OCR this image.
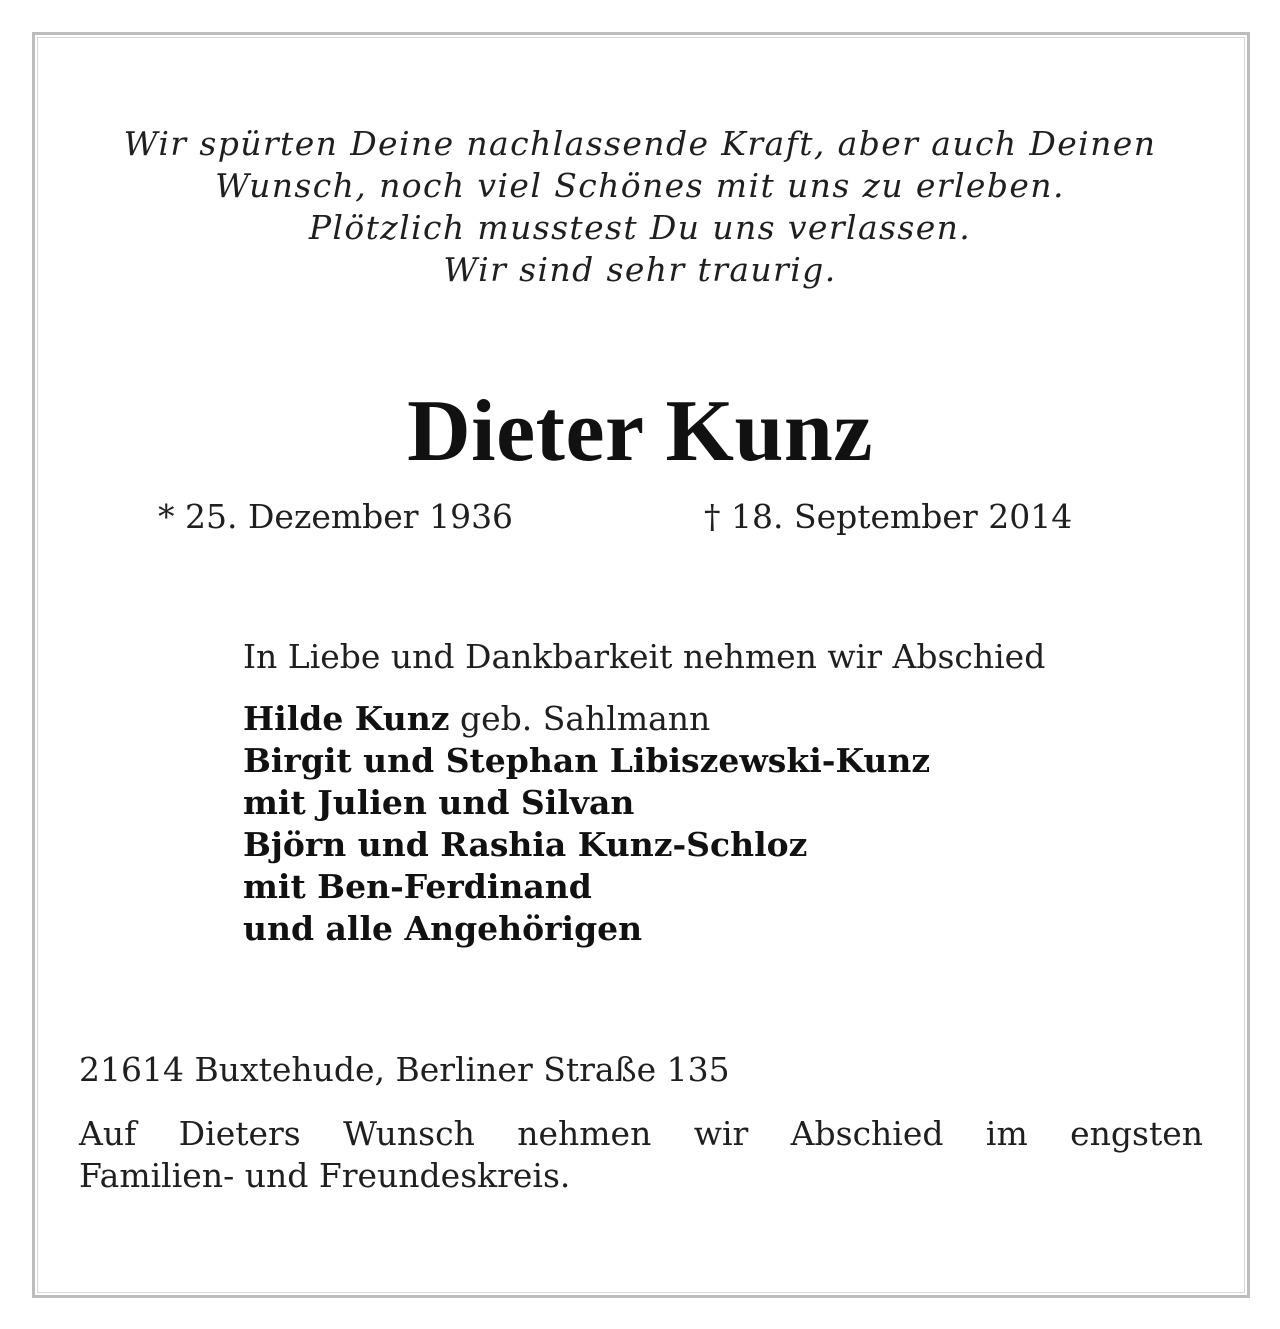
Wir spürten Deine nachlassende Kraft, aber auch Deinen
Wunsch, noch viel Schönes mit uns zu erleben.
Plötzlich musstest Du uns verlassen.
Wir sind sehr traurig.
Dieter Kunz
* 25. Dezember 1936	† 18. September 2014
In Liebe und Dankbarkeit nehmen wir Abschied
Hilde Kunz geb. Sahlmann
Birgit und Stephan Libiszewski-Kunz
mit Julien und Silvan
Björn und Rashia Kunz-Schloz
mit Ben-Ferdinand
und alle Angehörigen
21614 Buxtehude, Berliner Straße 135
Auf Dieters Wunsch nehmen wir Abschied im engsten
Familien- und Freundeskreis.
